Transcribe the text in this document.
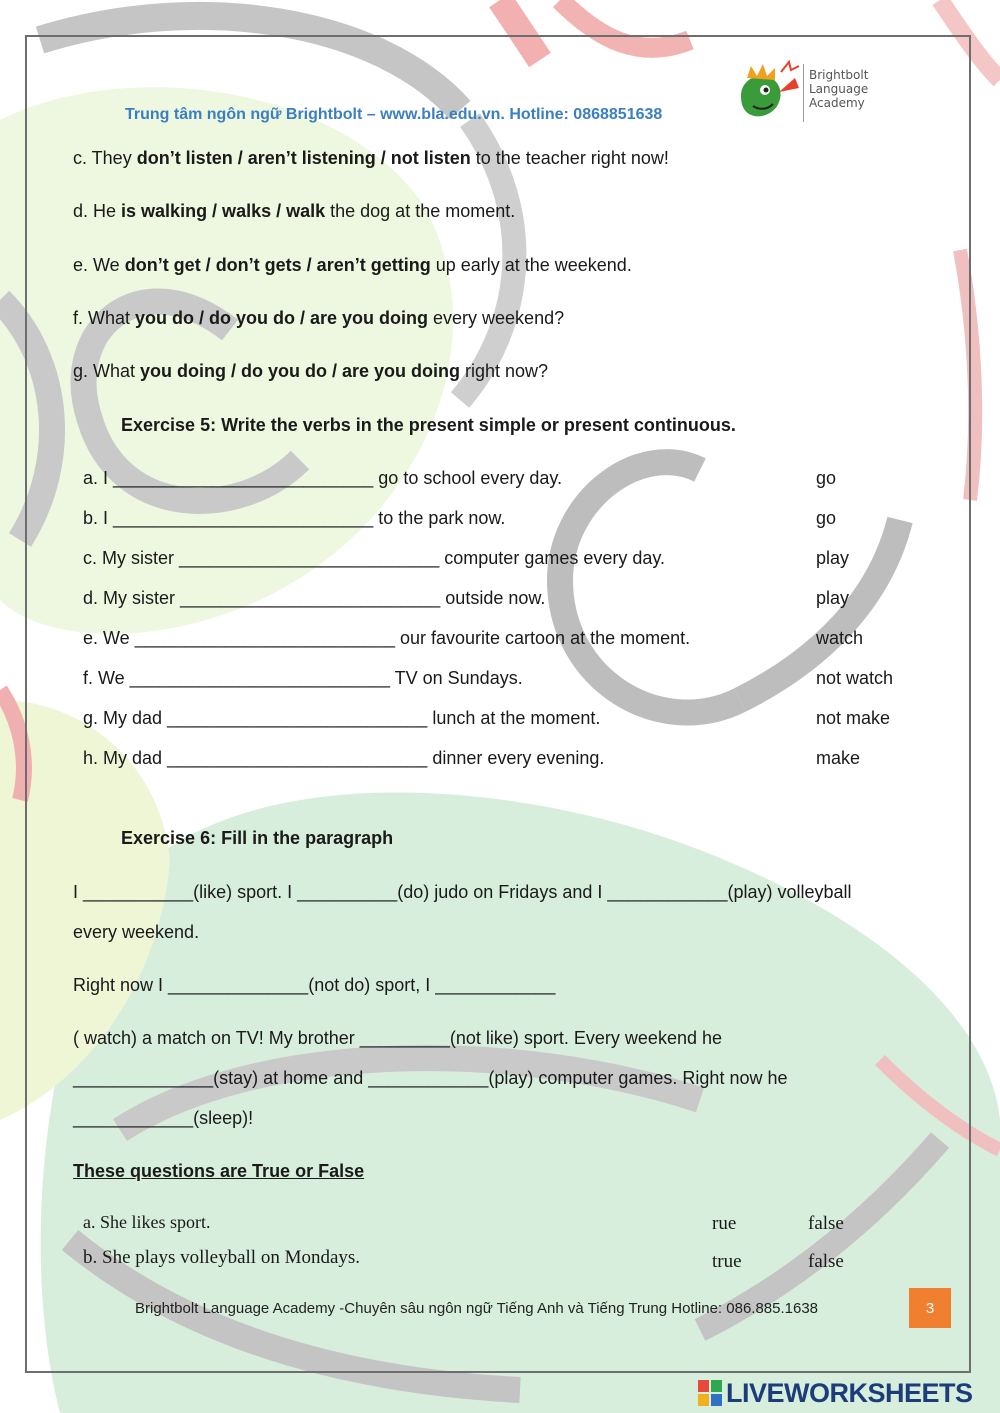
Trung tâm ngôn ngữ Brightbolt – www.bla.edu.vn. Hotline: 0868851638
Brightbolt
Language
Academy
c. They don’t listen / aren’t listening / not listen to the teacher right now!
d. He is walking / walks / walk the dog at the moment.
e. We don’t get / don’t gets / aren’t getting up early at the weekend.
f. What you do / do you do / are you doing every weekend?
g. What you doing / do you do / are you doing right now?
Exercise 5: Write the verbs in the present simple or present continuous.
a. I __________________________ go to school every day.	go
b. I __________________________ to the park now.	go
c. My sister __________________________ computer games every day.	play
d. My sister __________________________ outside now.	play
e. We __________________________ our favourite cartoon at the moment.	watch
f. We __________________________ TV on Sundays.	not watch
g. My dad __________________________ lunch at the moment.	not make
h. My dad __________________________ dinner every evening.	make
Exercise 6: Fill in the paragraph
I ___________(like) sport. I __________(do) judo on Fridays and I ____________(play) volleyball
every weekend.
Right now I ______________(not do) sport, I ____________
( watch) a match on TV! My brother _________(not like) sport. Every weekend he
______________(stay) at home and ____________(play) computer games. Right now he
____________(sleep)!
These questions are True or False
a. She likes sport.	rue	false
b. She plays volleyball on Mondays.	true	false
Brightbolt Language Academy -Chuyên sâu ngôn ngữ Tiếng Anh và Tiếng Trung Hotline: 086.885.1638	3
LIVEWORKSHEETS
